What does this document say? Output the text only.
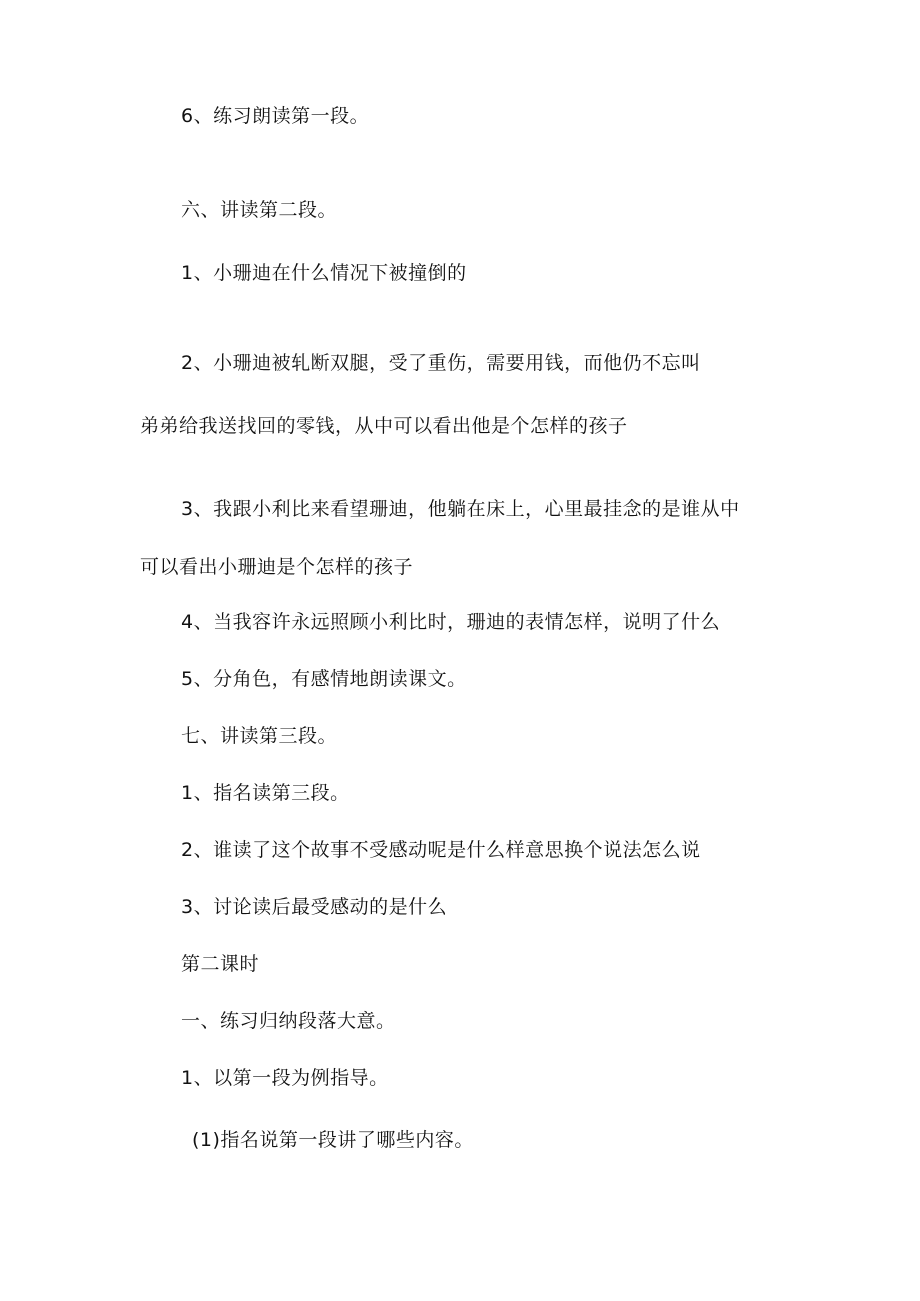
6、练习朗读第一段。
六、讲读第二段。
1、小珊迪在什么情况下被撞倒的
2、小珊迪被轧断双腿，受了重伤，需要用钱，而他仍不忘叫
弟弟给我送找回的零钱，从中可以看出他是个怎样的孩子
3、我跟小利比来看望珊迪，他躺在床上，心里最挂念的是谁从中
可以看出小珊迪是个怎样的孩子
4、当我容许永远照顾小利比时，珊迪的表情怎样，说明了什么
5、分角色，有感情地朗读课文。
七、讲读第三段。
1、指名读第三段。
2、谁读了这个故事不受感动呢是什么样意思换个说法怎么说
3、讨论读后最受感动的是什么
第二课时
一、练习归纳段落大意。
1、以第一段为例指导。
(1)指名说第一段讲了哪些内容。
